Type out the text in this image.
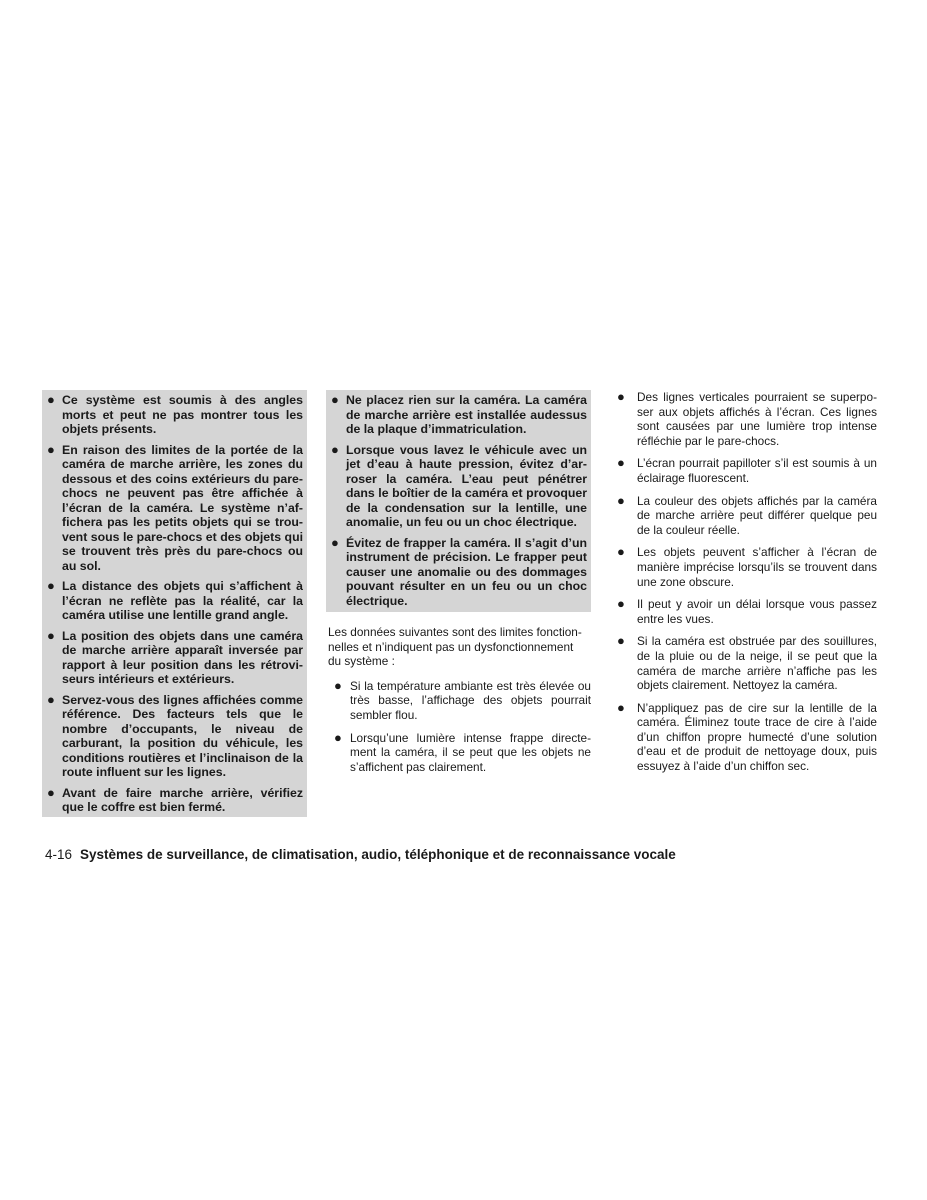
● Ce système est soumis à des angles morts et peut ne pas montrer tous les objets présents.
● En raison des limites de la portée de la caméra de marche arrière, les zones du dessous et des coins extérieurs du pare-chocs ne peuvent pas être affichée à l’écran de la caméra. Le système n’affichera pas les petits objets qui se trouvent sous le pare-chocs et des objets qui se trouvent très près du pare-chocs ou au sol.
● La distance des objets qui s’affichent à l’écran ne reflète pas la réalité, car la caméra utilise une lentille grand angle.
● La position des objets dans une caméra de marche arrière apparaît inversée par rapport à leur position dans les rétroviseurs intérieurs et extérieurs.
● Servez-vous des lignes affichées comme référence. Des facteurs tels que le nombre d’occupants, le niveau de carburant, la position du véhicule, les conditions routières et l’inclinaison de la route influent sur les lignes.
● Avant de faire marche arrière, vérifiez que le coffre est bien fermé.
● Ne placez rien sur la caméra. La caméra de marche arrière est installée audessus de la plaque d’immatriculation.
● Lorsque vous lavez le véhicule avec un jet d’eau à haute pression, évitez d’arroser la caméra. L’eau peut pénétrer dans le boîtier de la caméra et provoquer de la condensation sur la lentille, une anomalie, un feu ou un choc électrique.
● Évitez de frapper la caméra. Il s’agit d’un instrument de précision. Le frapper peut causer une anomalie ou des dommages pouvant résulter en un feu ou un choc électrique.

Les données suivantes sont des limites fonctionnelles et n’indiquent pas un dysfonctionnement du système :

● Si la température ambiante est très élevée ou très basse, l’affichage des objets pourrait sembler flou.
● Lorsqu’une lumière intense frappe directement la caméra, il se peut que les objets ne s’affichent pas clairement.
● Des lignes verticales pourraient se superposer aux objets affichés à l’écran. Ces lignes sont causées par une lumière trop intense réfléchie par le pare-chocs.
● L’écran pourrait papilloter s’il est soumis à un éclairage fluorescent.
● La couleur des objets affichés par la caméra de marche arrière peut différer quelque peu de la couleur réelle.
● Les objets peuvent s’afficher à l’écran de manière imprécise lorsqu’ils se trouvent dans une zone obscure.
● Il peut y avoir un délai lorsque vous passez entre les vues.
● Si la caméra est obstruée par des souillures, de la pluie ou de la neige, il se peut que la caméra de marche arrière n’affiche pas les objets clairement. Nettoyez la caméra.
● N’appliquez pas de cire sur la lentille de la caméra. Éliminez toute trace de cire à l’aide d’un chiffon propre humecté d’une solution d’eau et de produit de nettoyage doux, puis essuyez à l’aide d’un chiffon sec.
4-16 Systèmes de surveillance, de climatisation, audio, téléphonique et de reconnaissance vocale
